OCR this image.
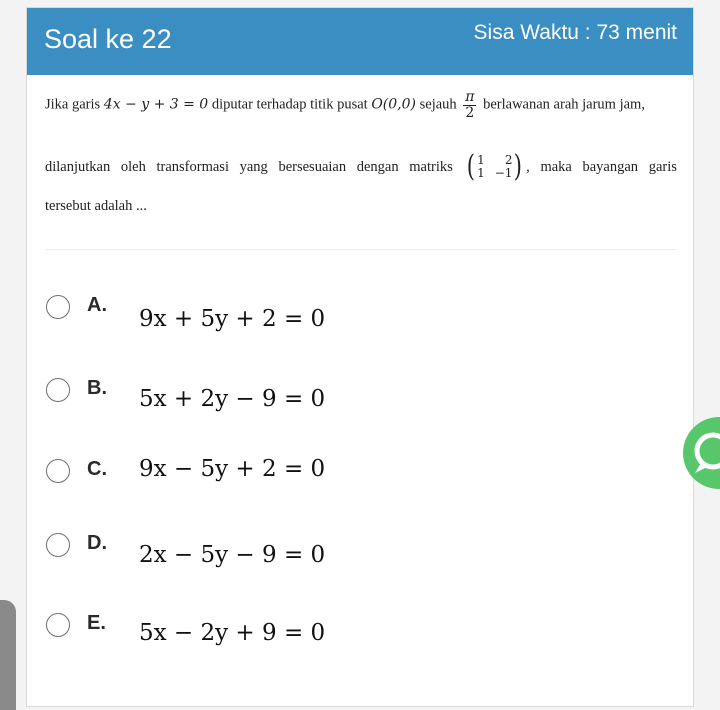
Soal ke 22	Sisa Waktu : 73 menit
Jika garis 4x − y + 3 = 0 diputar terhadap titik pusat O(0,0) sejauh $\frac{\pi}{2}$ berlawanan arah jarum jam,
dilanjutkan oleh transformasi yang bersesuaian dengan matriks ( 1	2
1 −1 ) , maka bayangan garis
tersebut adalah ...
A.
9x + 5y + 2 = 0
B. 5x + 2y − 9 = 0
C. 9x − 5y + 2 = 0
D. 2x − 5y − 9 = 0
E. 5x − 2y + 9 = 0
